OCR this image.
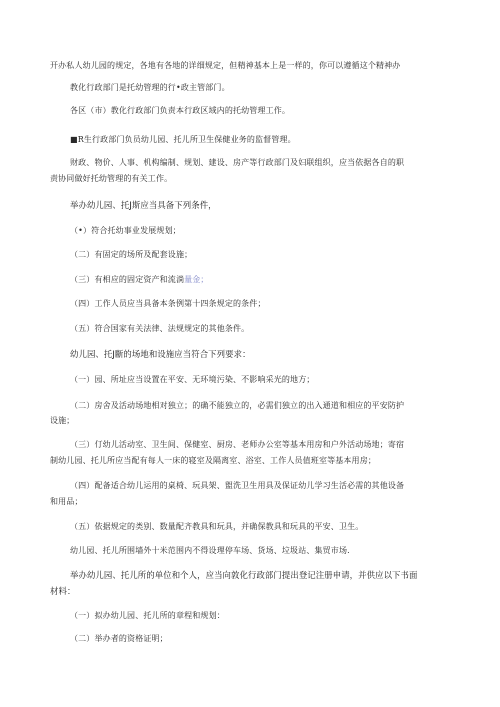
开办私人幼儿园的规定，各地有各地的详细规定，但精神基本上是一样的，你可以遵循这个精神办
教化行政部门是托幼管理的行•政主管部门。
各区（市）教化行政部门负责本行政区域内的托幼管理工作。
■R生行政部门负员幼儿园、托儿所卫生保健业务的监督管理。
财政、物价、人事、机构编制、规划、建设、房产等行政部门及妇联组织，应当依据各自的职
责协同做好托幼管理的有关工作。
举办幼儿园、托J斯应当具备下列条件，
（•）符合托幼事业发展规划；
（二）有固定的场所及配套设施；
（三）有相应的固定资产和流淌量金；
（四）工作人员应当具备本条例第十四条规定的条件；
（五）符合国家有关法律、法规规定的其他条件。
幼儿园、托J斷的场地和设施应当符合下列要求：
（一）园、所址应当设置在平安、无环境污染、不影响采光的地方；
（二）房舍及活动场地相对独立；的确不能独立的，必需们独立的出入通道和相应的平安防护
设施；
（三）仃幼儿活动室、卫生间、保健室、厨房、老师办公室等基本用房和户外活动场地；寄宿
制幼儿园、托儿所应当配有每人一床的寝室及隔离室、浴室、工作人员值班室等基本用房；
（四）配备适合幼儿运用的桌椅、玩具架、盥洗卫生用具及保证幼儿学习生活必需的其他设备
和用品；
（五）依据规定的类别、数量配齐教具和玩具，并确保教具和玩具的平安、卫生。
幼儿园、托儿所围墙外十米范围内不得设理停车场、货场、垃圾站、集贸市场.
举办幼儿园、托儿所的单位和个人，应当向敦化行政部门提出登记注册申请，并供应以下书面
材料：
（一）拟办幼儿园、托儿所的章程和规划：
（二）举办者的资格证明；
